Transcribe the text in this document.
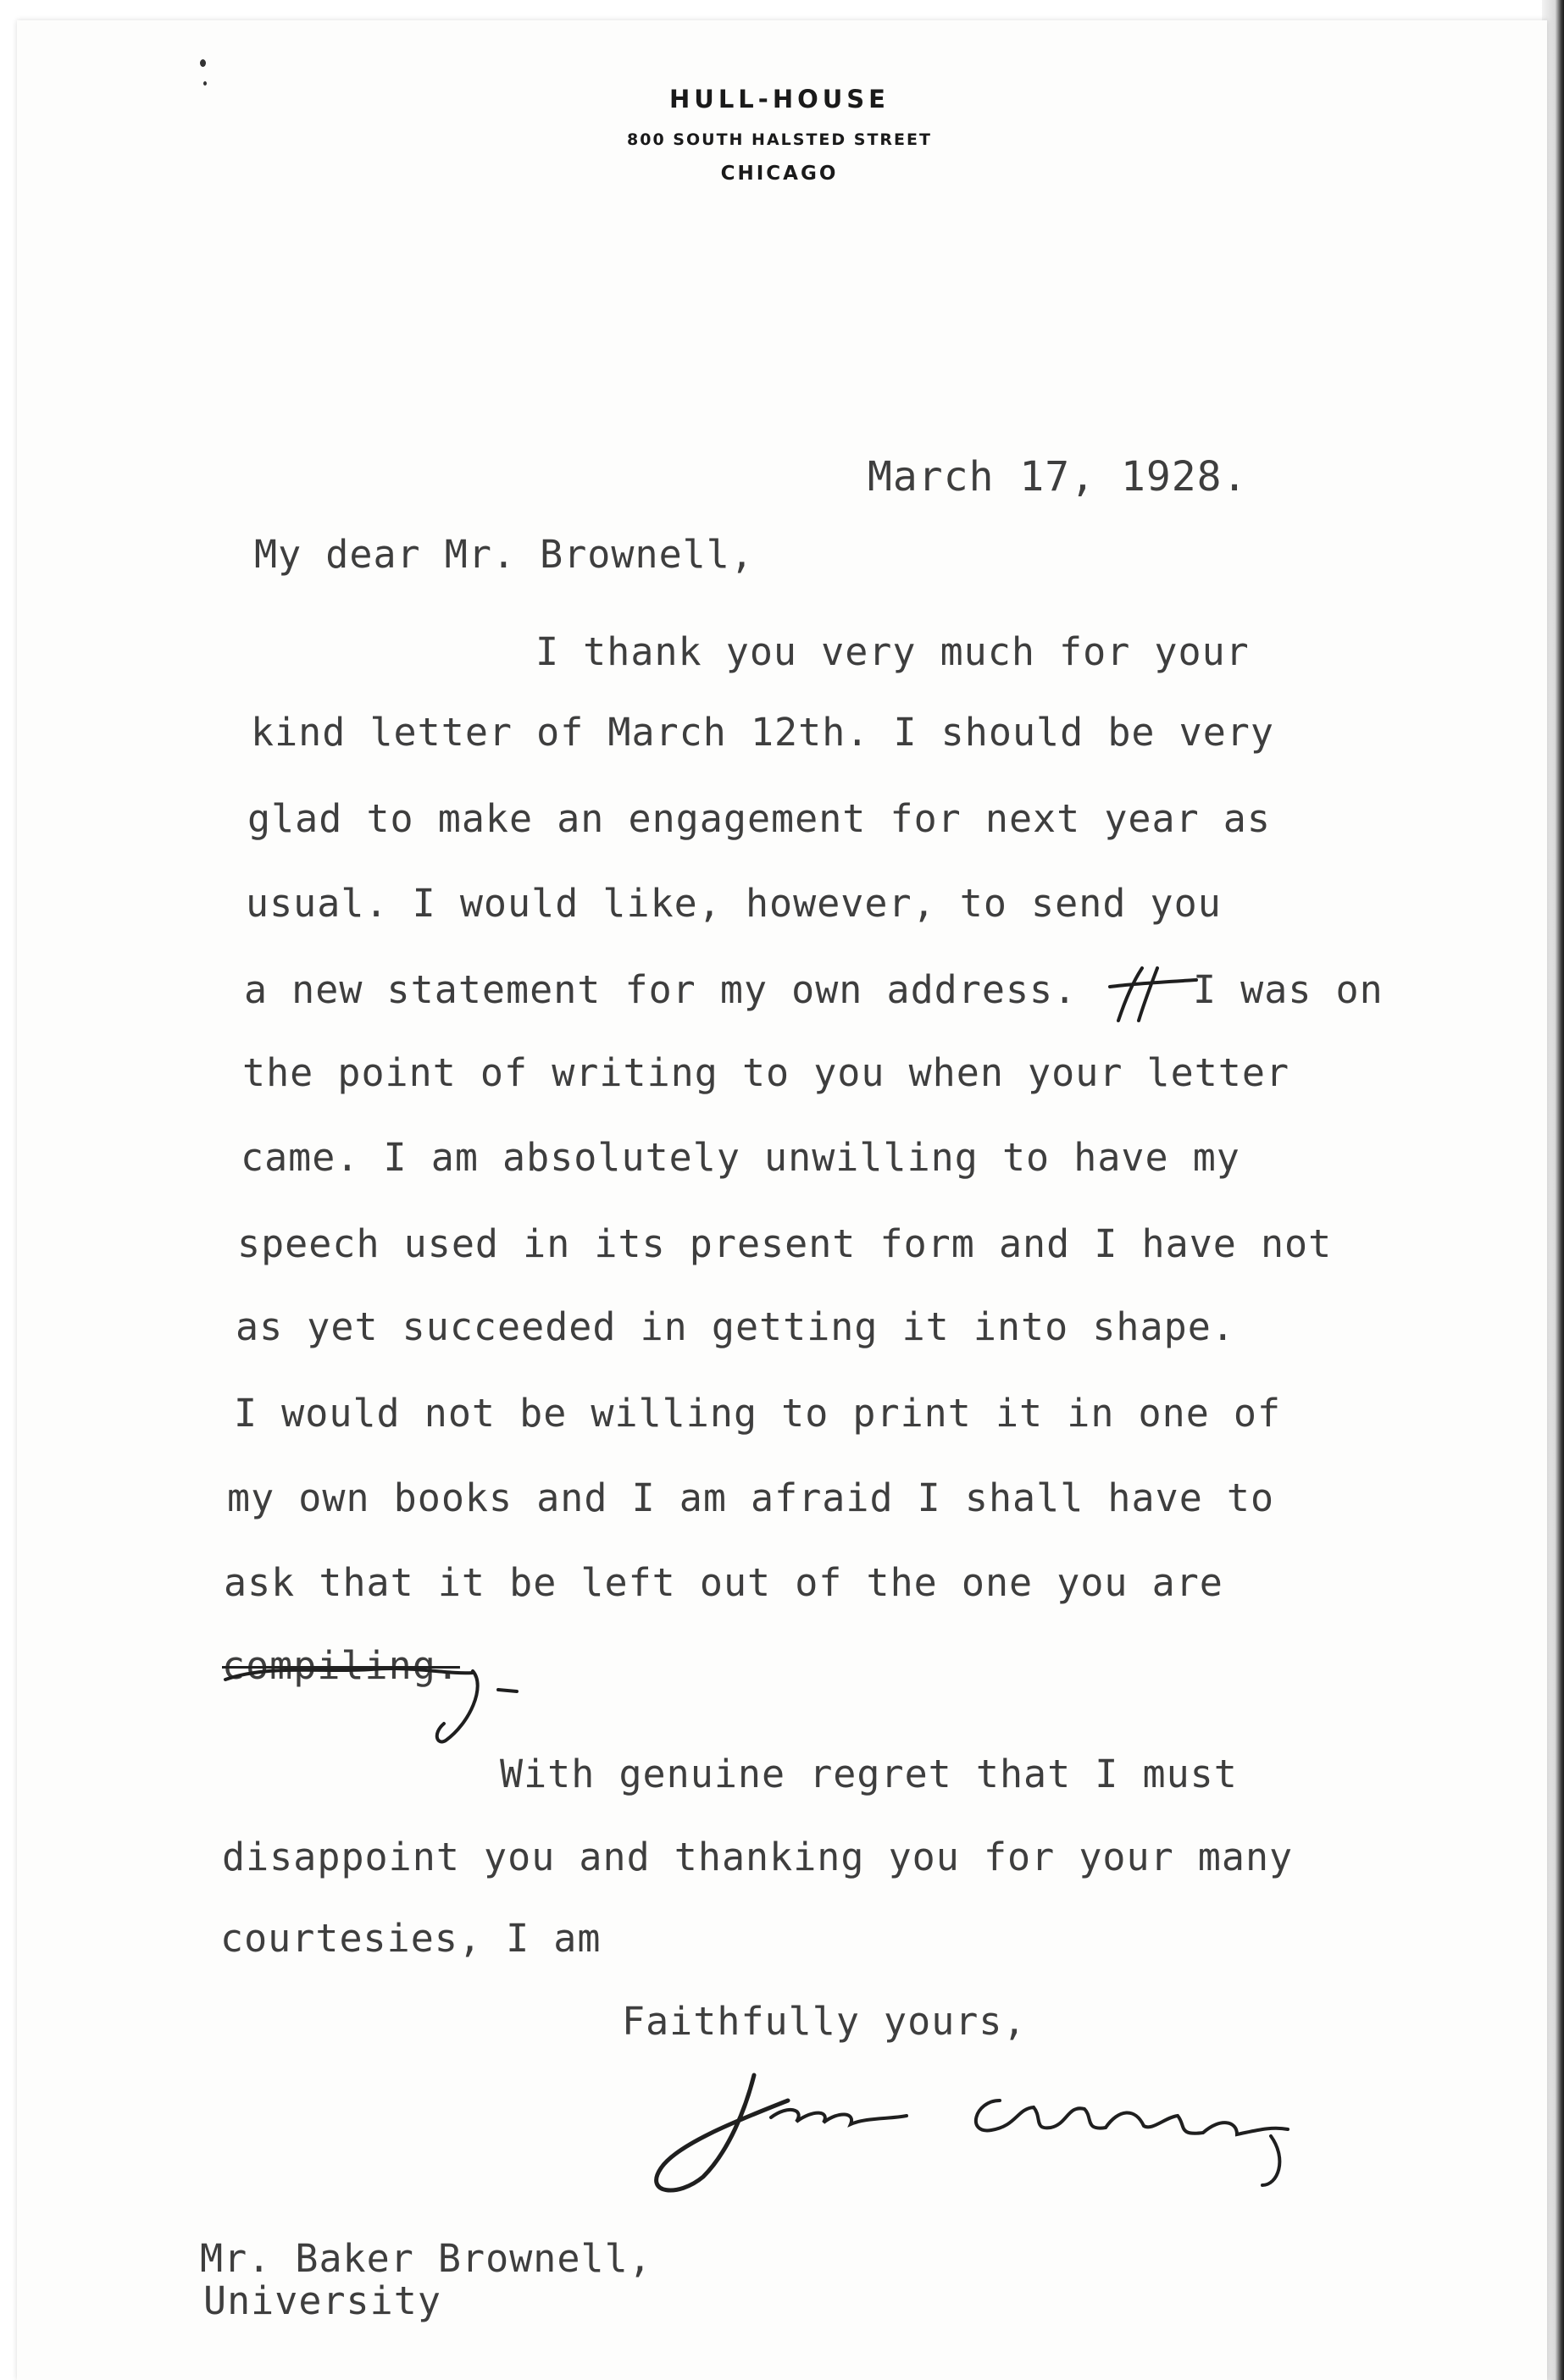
HULL-HOUSE
800 SOUTH HALSTED STREET
CHICAGO
March 17, 1928.
My dear Mr. Brownell,
I thank you very much for your
kind letter of March 12th. I should be very
glad to make an engagement for next year as
usual. I would like, however, to send you
a new statement for my own address.	I was on
the point of writing to you when your letter
came. I am absolutely unwilling to have my
speech used in its present form and I have not
as yet succeeded in getting it into shape.
I would not be willing to print it in one of
my own books and I am afraid I shall have to
ask that it be left out of the one you are
compiling.
With genuine regret that I must
disappoint you and thanking you for your many
courtesies, I am
Faithfully yours,
Mr. Baker Brownell,
University
